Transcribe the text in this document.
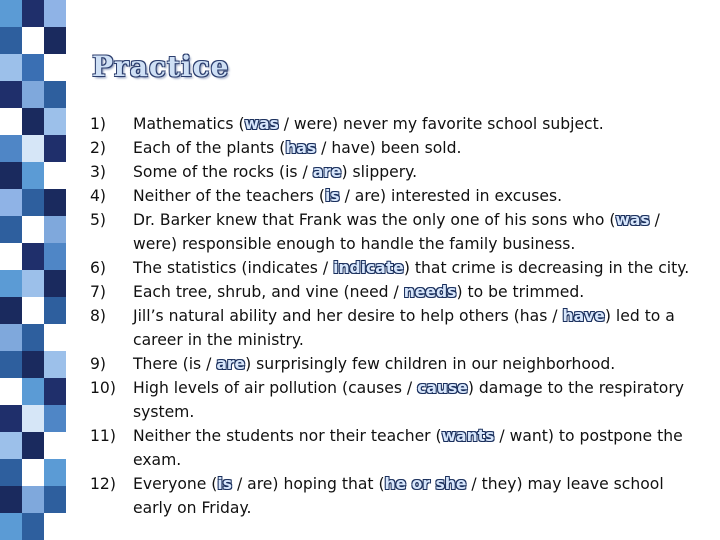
Practice
1)	Mathematics (was / were) never my favorite school subject.
2)	Each of the plants (has / have) been sold.
3)	Some of the rocks (is / are) slippery.
4)	Neither of the teachers (is / are) interested in excuses.
5)	Dr. Barker knew that Frank was the only one of his sons who (was / were) responsible enough to handle the family business.
6)	The statistics (indicates / indicate) that crime is decreasing in the city.
7)	Each tree, shrub, and vine (need / needs) to be trimmed.
8)	Jill’s natural ability and her desire to help others (has / have) led to a career in the ministry.
9)	There (is / are) surprisingly few children in our neighborhood.
10)	High levels of air pollution (causes / cause) damage to the respiratory system.
11)	Neither the students nor their teacher (wants / want) to postpone the exam.
12)	Everyone (is / are) hoping that (he or she / they) may leave school early on Friday.
